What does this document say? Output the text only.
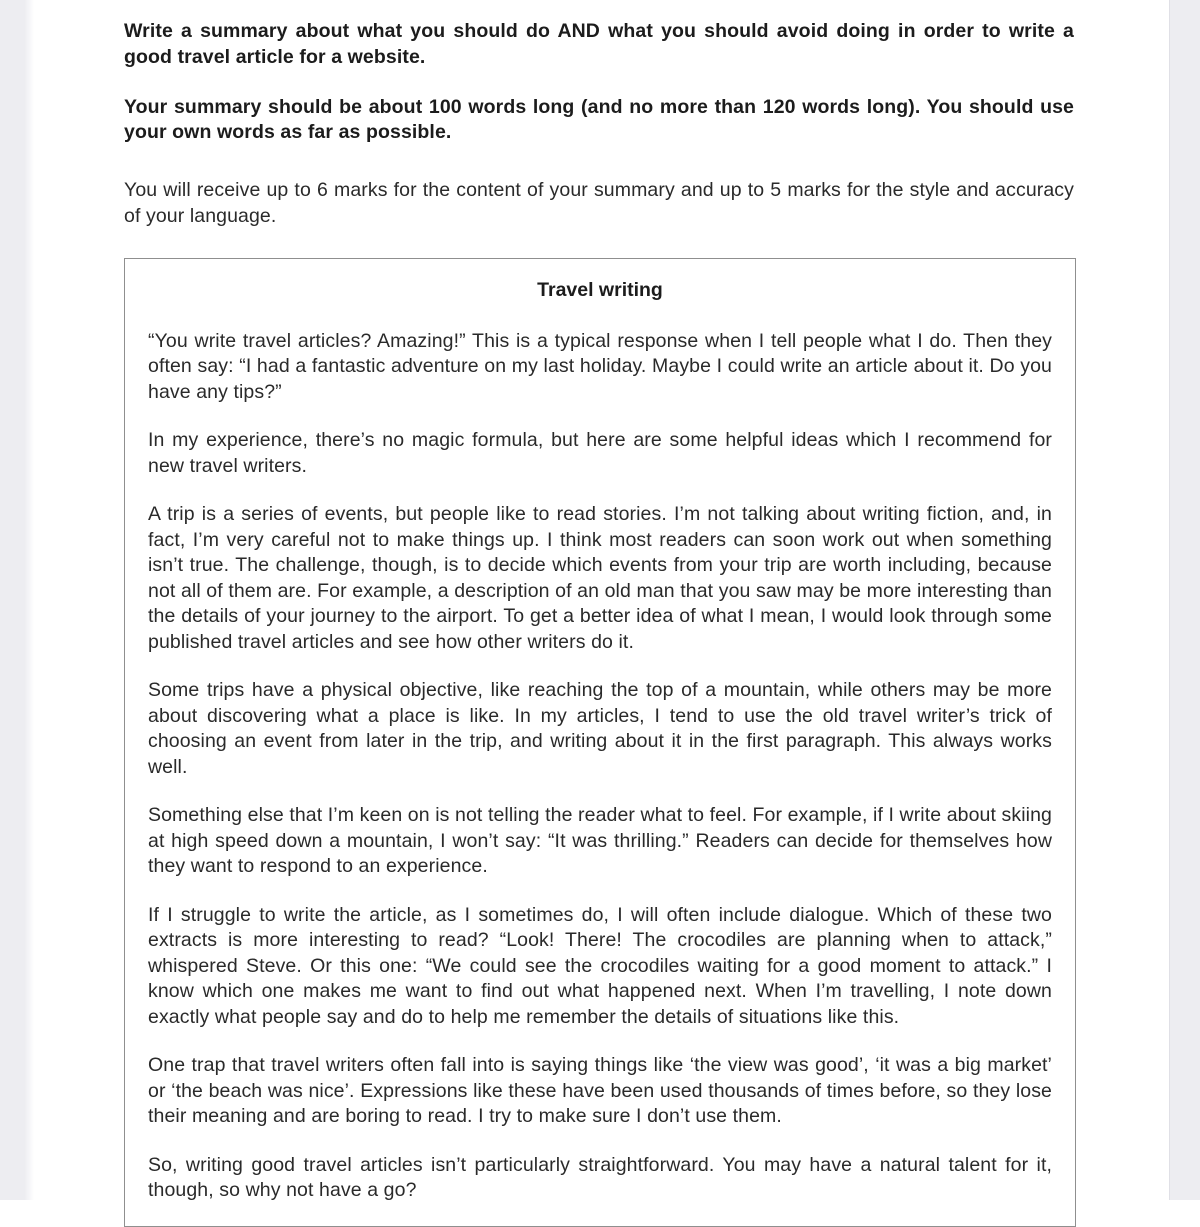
Write a summary about what you should do AND what you should avoid doing in order to write a good travel article for a website.

Your summary should be about 100 words long (and no more than 120 words long). You should use your own words as far as possible.

You will receive up to 6 marks for the content of your summary and up to 5 marks for the style and accuracy of your language.

Travel writing

“You write travel articles? Amazing!” This is a typical response when I tell people what I do. Then they often say: “I had a fantastic adventure on my last holiday. Maybe I could write an article about it. Do you have any tips?”

In my experience, there’s no magic formula, but here are some helpful ideas which I recommend for new travel writers.

A trip is a series of events, but people like to read stories. I’m not talking about writing fiction, and, in fact, I’m very careful not to make things up. I think most readers can soon work out when something isn’t true. The challenge, though, is to decide which events from your trip are worth including, because not all of them are. For example, a description of an old man that you saw may be more interesting than the details of your journey to the airport. To get a better idea of what I mean, I would look through some published travel articles and see how other writers do it.

Some trips have a physical objective, like reaching the top of a mountain, while others may be more about discovering what a place is like. In my articles, I tend to use the old travel writer’s trick of choosing an event from later in the trip, and writing about it in the first paragraph. This always works well.

Something else that I’m keen on is not telling the reader what to feel. For example, if I write about skiing at high speed down a mountain, I won’t say: “It was thrilling.” Readers can decide for themselves how they want to respond to an experience.

If I struggle to write the article, as I sometimes do, I will often include dialogue. Which of these two extracts is more interesting to read? “Look! There! The crocodiles are planning when to attack,” whispered Steve. Or this one: “We could see the crocodiles waiting for a good moment to attack.” I know which one makes me want to find out what happened next. When I’m travelling, I note down exactly what people say and do to help me remember the details of situations like this.

One trap that travel writers often fall into is saying things like ‘the view was good’, ‘it was a big market’ or ‘the beach was nice’. Expressions like these have been used thousands of times before, so they lose their meaning and are boring to read. I try to make sure I don’t use them.

So, writing good travel articles isn’t particularly straightforward. You may have a natural talent for it, though, so why not have a go?
